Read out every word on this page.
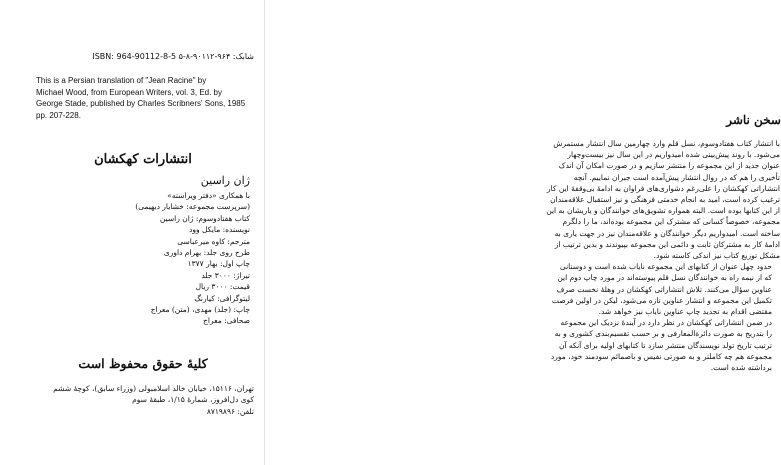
ISBN: 964-90112-8-5 شابک: ۹۶۴-۹۰۱۱۲-۸-۵
This is a Persian translation of "Jean Racine" by
Michael Wood, from European Writers, vol. 3, Ed. by
George Stade, published by Charles Scribners' Sons, 1985
pp. 207-228.
انتشارات کهکشان
ژان راسین
با همکاری «دفتر ویراسته»
(سرپرست مجموعه: خشایار دیهیمی)
کتاب هفتادوسوم: ژان راسین
نویسنده: مایکل وود
مترجم: کاوه میرعباسی
طرح روی جلد: بهرام داوری
چاپ اول: بهار ۱۳۷۷
تیراژ: ۳۰۰۰ جلد
قیمت: ۳۰۰۰ ریال
لیتوگرافی: کیارنگ
چاپ: (جلد) مهدی، (متن) معراج
صحافی: معراج
کلیهٔ حقوق محفوظ است
تهران، ۱۵۱۱۶، خیابان خالد اسلامبولی (وزراء سابق)، کوچهٔ ششم
کوی دل‌افروز، شمارهٔ ۱/۱۵، طبقهٔ سوم
تلفن: ۸۷۱۹۸۹۶
سخن ناشر

با انتشار کتاب هفتادوسوم، نسل قلم وارد چهارمین سال انتشار مستمرش
می‌شود. با روند پیش‌بینی شده امیدواریم در این سال نیز بیست‌وچهار
عنوان جدید از این مجموعه را منتشر سازیم و در صورت امکان آن اندک
تأخیری را هم که در روال انتشار پیش‌آمده است جبران نماییم. آنچه
انتشاراتی کهکشان را علی‌رغم دشواری‌های فراوان به ادامهٔ بی‌وقفهٔ این کار
ترغیب کرده است، امید به انجام خدمتی فرهنگی و نیز استقبال علاقه‌مندان
از این کتابها بوده است. البته همواره تشویق‌های خوانندگان و یاریشان به این
مجموعه، خصوصاً کسانی که مشترک این مجموعه بوده‌اند، ما را دلگرم
ساخته است. امیدواریم دیگر خوانندگان و علاقه‌مندان نیز در جهت یاری به
ادامهٔ کار به مشترکان ثابت و دائمی این مجموعه بپیوندند و بدین ترتیب از
مشکل توزیع کتاب نیز اندکی کاسته شود.

حدود چهل عنوان از کتابهای این مجموعه نایاب شده است و دوستانی
که از نیمه راه به خوانندگان نسل قلم پیوسته‌اند در مورد چاپ دوم این
عناوین سؤال می‌کنند. تلاش انتشاراتی کهکشان در وهلهٔ نخست صرف
تکمیل این مجموعه و انتشار عناوین تازه می‌شود، لیکن در اولین فرصت
مقتضی اقدام به تجدید چاپ عناوین نایاب نیز خواهد شد.

در ضمن انتشاراتی کهکشان در نظر دارد در آیندهٔ نزدیک این مجموعه
را بتدریج به صورت دائرةالمعارفی و بر حسب تقسیم‌بندی کشوری و به
ترتیب تاریخ تولد نویسندگان منتشر سازد تا کتابهای اولیه برای آنکه آن
مجموعه هم چه کاملتر و به صورتی نفیس و باصمائم سودمند خود، مورد
برداشته شده است.
